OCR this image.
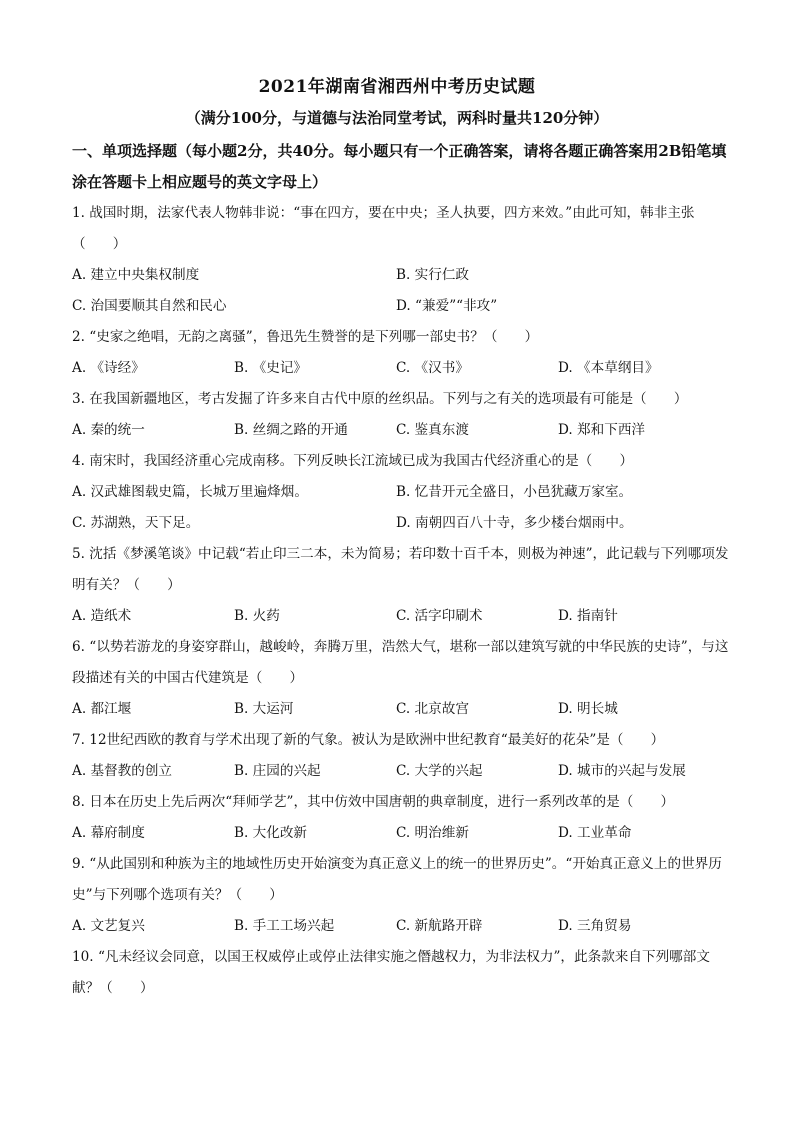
2021年湖南省湘西州中考历史试题
（满分100分，与道德与法治同堂考试，两科时量共120分钟）
一、单项选择题（每小题2分，共40分。每小题只有一个正确答案，请将各题正确答案用2B铅笔填涂在答题卡上相应题号的英文字母上）
1. 战国时期，法家代表人物韩非说：“事在四方，要在中央；圣人执要，四方来效。”由此可知，韩非主张（　　）
A. 建立中央集权制度	B. 实行仁政
C. 治国要顺其自然和民心	D. “兼爱”“非攻”
2. “史家之绝唱，无韵之离骚”，鲁迅先生赞誉的是下列哪一部史书？（　　）
A. 《诗经》	B. 《史记》	C. 《汉书》	D. 《本草纲目》
3. 在我国新疆地区，考古发掘了许多来自古代中原的丝织品。下列与之有关的选项最有可能是（　　）
A. 秦的统一	B. 丝绸之路的开通	C. 鉴真东渡	D. 郑和下西洋
4. 南宋时，我国经济重心完成南移。下列反映长江流域已成为我国古代经济重心的是（　　）
A. 汉武雄图载史篇，长城万里遍烽烟。	B. 忆昔开元全盛日，小邑犹藏万家室。
C. 苏湖熟，天下足。	D. 南朝四百八十寺，多少楼台烟雨中。
5. 沈括《梦溪笔谈》中记载“若止印三二本，未为简易；若印数十百千本，则极为神速”，此记载与下列哪项发明有关？（　　）
A. 造纸术	B. 火药	C. 活字印刷术	D. 指南针
6. “以势若游龙的身姿穿群山，越峻岭，奔腾万里，浩然大气，堪称一部以建筑写就的中华民族的史诗”，与这段描述有关的中国古代建筑是（　　）
A. 都江堰	B. 大运河	C. 北京故宫	D. 明长城
7. 12世纪西欧的教育与学术出现了新的气象。被认为是欧洲中世纪教育“最美好的花朵”是（　　）
A. 基督教的创立	B. 庄园的兴起	C. 大学的兴起	D. 城市的兴起与发展
8. 日本在历史上先后两次“拜师学艺”，其中仿效中国唐朝的典章制度，进行一系列改革的是（　　）
A. 幕府制度	B. 大化改新	C. 明治维新	D. 工业革命
9. “从此国别和种族为主的地域性历史开始演变为真正意义上的统一的世界历史”。“开始真正意义上的世界历史”与下列哪个选项有关？（　　）
A. 文艺复兴	B. 手工工场兴起	C. 新航路开辟	D. 三角贸易
10. “凡未经议会同意，以国王权威停止或停止法律实施之僭越权力，为非法权力”，此条款来自下列哪部文献？（　　）
